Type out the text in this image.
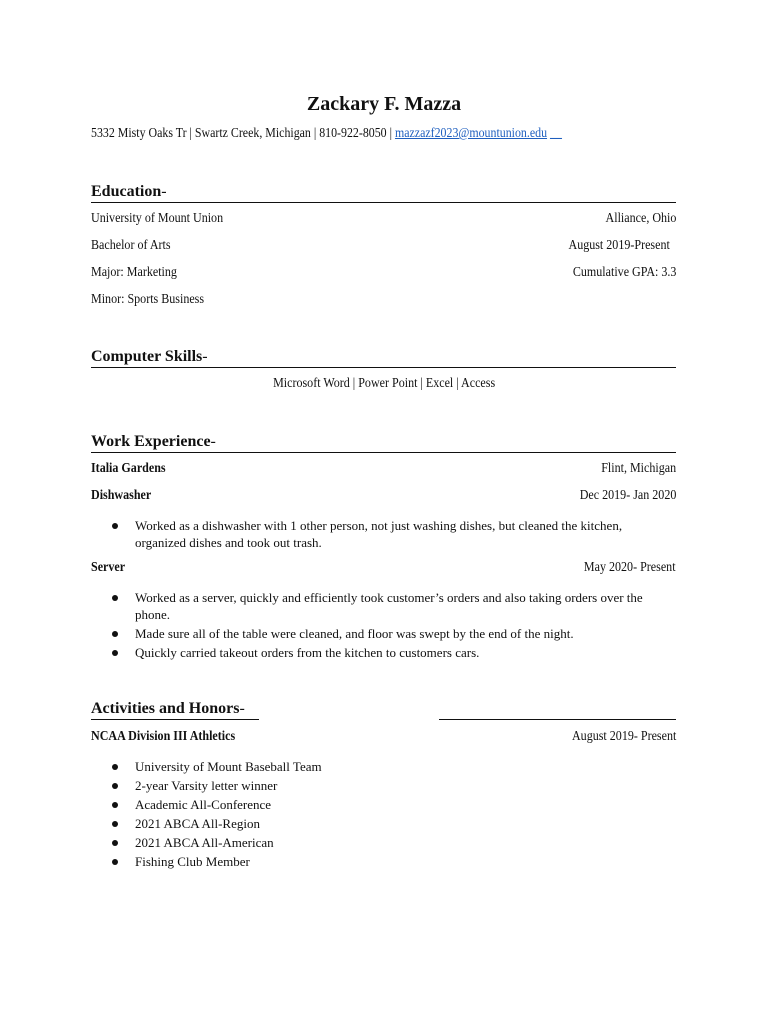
Zackary F. Mazza
5332 Misty Oaks Tr | Swartz Creek, Michigan | 810-922-8050 | mazzazf2023@mountunion.edu __
Education-
University of Mount Union	Alliance, Ohio
Bachelor of Arts	August 2019-Present
Major: Marketing	Cumulative GPA: 3.3
Minor: Sports Business
Computer Skills-
Microsoft Word | Power Point | Excel | Access
Work Experience-
Italia Gardens	Flint, Michigan
Dishwasher	Dec 2019- Jan 2020
Worked as a dishwasher with 1 other person, not just washing dishes, but cleaned the kitchen, organized dishes and took out trash.
Server	May 2020- Present
Worked as a server, quickly and efficiently took customer’s orders and also taking orders over the phone.
Made sure all of the table were cleaned, and floor was swept by the end of the night.
Quickly carried takeout orders from the kitchen to customers cars.
Activities and Honors-
NCAA Division III Athletics	August 2019- Present
University of Mount Baseball Team
2-year Varsity letter winner
Academic All-Conference
2021 ABCA All-Region
2021 ABCA All-American
Fishing Club Member
